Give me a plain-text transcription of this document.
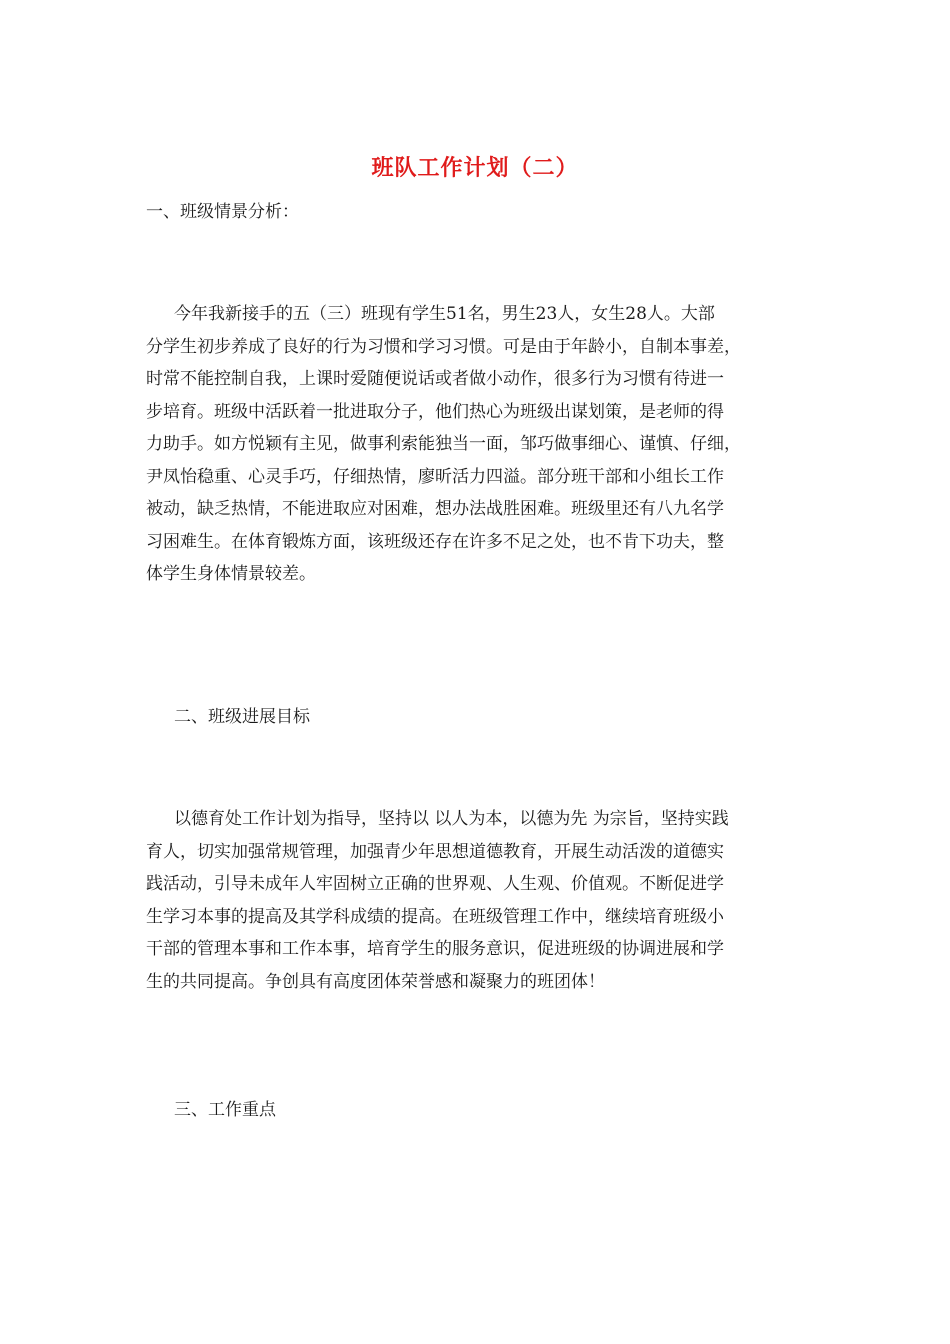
班队工作计划（二）
一、班级情景分析：
今年我新接手的五（三）班现有学生51名，男生23人，女生28人。大部
分学生初步养成了良好的行为习惯和学习习惯。可是由于年龄小，自制本事差，
时常不能控制自我，上课时爱随便说话或者做小动作，很多行为习惯有待进一
步培育。班级中活跃着一批进取分子，他们热心为班级出谋划策，是老师的得
力助手。如方悦颖有主见，做事利索能独当一面，邹巧做事细心、谨慎、仔细，
尹凤怡稳重、心灵手巧，仔细热情，廖昕活力四溢。部分班干部和小组长工作
被动，缺乏热情，不能进取应对困难，想办法战胜困难。班级里还有八九名学
习困难生。在体育锻炼方面，该班级还存在许多不足之处，也不肯下功夫，整
体学生身体情景较差。
二、班级进展目标
以德育处工作计划为指导，坚持以 以人为本，以德为先 为宗旨，坚持实践
育人，切实加强常规管理，加强青少年思想道德教育，开展生动活泼的道德实
践活动，引导未成年人牢固树立正确的世界观、人生观、价值观。不断促进学
生学习本事的提高及其学科成绩的提高。在班级管理工作中，继续培育班级小
干部的管理本事和工作本事，培育学生的服务意识，促进班级的协调进展和学
生的共同提高。争创具有高度团体荣誉感和凝聚力的班团体！
三、工作重点
